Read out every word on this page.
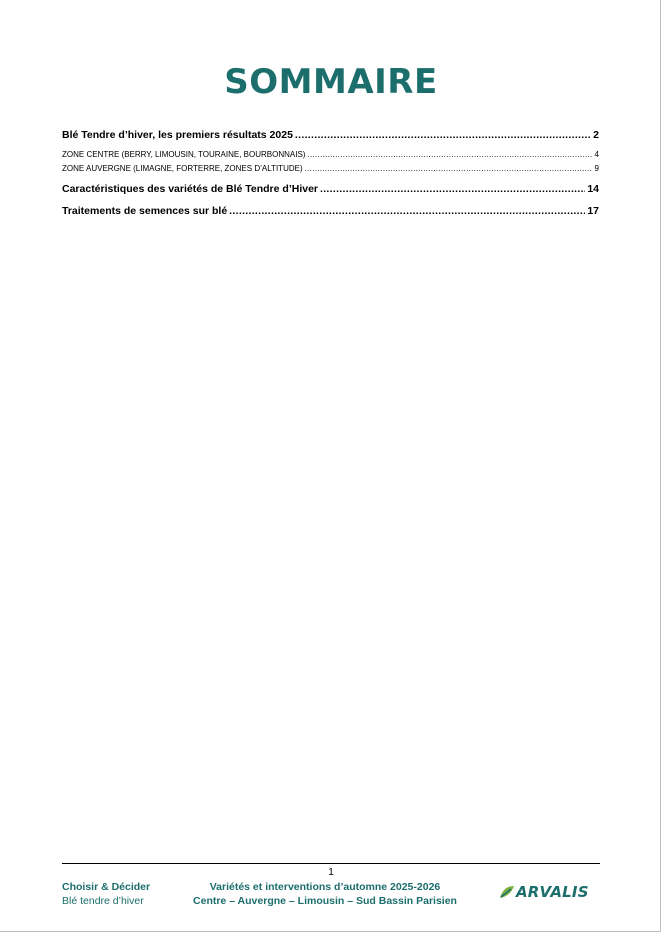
SOMMAIRE
Blé Tendre d’hiver, les premiers résultats 2025 .....	2
ZONE CENTRE (BERRY, LIMOUSIN, TOURAINE, BOURBONNAIS) .....	4
ZONE AUVERGNE (LIMAGNE, FORTERRE, ZONES D’ALTITUDE) .....	9
Caractéristiques des variétés de Blé Tendre d’Hiver .....	14
Traitements de semences sur blé .....	17
1
Choisir & Décider
Blé tendre d’hiver
Variétés et interventions d’automne 2025-2026
Centre – Auvergne – Limousin – Sud Bassin Parisien	ARVALIS
